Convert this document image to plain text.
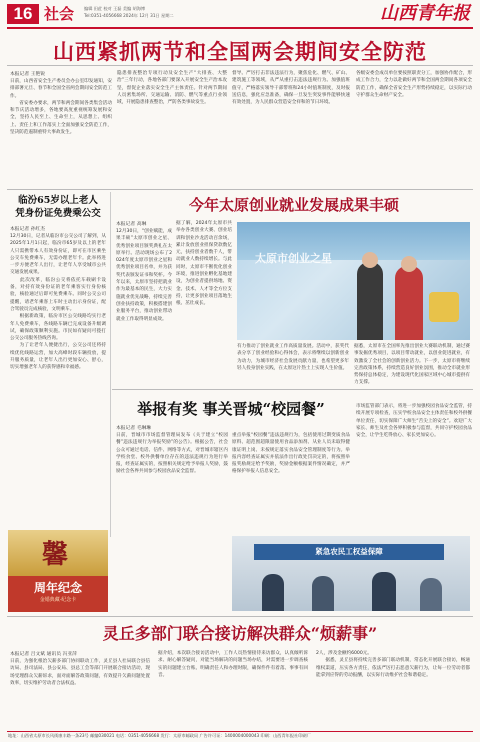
16 社会 编辑 田荭 校对 王磊 美编 胡海博
Tel:0351-4056668 2024年 12月 31日 星期二	山西青年报
山西紧抓两节和全国两会期间安全防范
本报记者 王艳锐
日前，山西省安全生产委员会办公室印发通知，安排部署元旦、春节和全国全省两会期间安全防范工作。
　　省安委办要求，两节和两会期间各类集会活动和节庆活动增多，各地要高度重视统筹发展和安全，坚持人民至上、生命至上，从思想上、组织上、责任上和工作落实上全面加强安全防范工作，坚决防范遏制重特大事故发生。
隐患排查整治专项行动及安全生产“大排查、大整治”三年行动，各地各部门要深入开展安全生产治本攻坚，督促企业落实安全生产主体责任。针对两节期间人员密集场所、交通运输、消防、燃气等重点行业领域，开展隐患排查整治，严防各类事故发生。
督导。严厉打击非法违法行为，聚焦危化、燃气、矿山、建筑施工等领域，从严从重打击违法违规行为。加强值班值守，严格落实领导干部带班和24小时值班制度，及时报送信息，强化应急准备，确保一旦发生突发事件能够快速有效处置，为人民群众营造安全祥和的节日环境。
各级安委会成员单位要按照职责分工，加强协作配合，形成工作合力，全力以赴做好两节和全国两会期间各项安全防范工作，确保全省安全生产形势持续稳定，以实际行动守护群众生命财产安全。
临汾65岁以上老人
凭身份证免费乘公交
本报记者 孙红杰
12月30日，记者从临汾市公交公司了解到，从2025年1月1日起，临汾市65岁及以上的老年人只需携带本人有效身份证，即可在市区乘坐公交车免费乘车，无需办理老年卡。此举将进一步方便老年人出行，让老年人享受城市公共交通发展成果。
　　此次改革，临汾公交将依托车载刷卡设备，对持有效身份证的老年乘客实行身份核验，核验通过后即可免费乘车。同时公交公司提醒，请老年乘客上车时主动出示身份证，配合驾驶员完成核验，文明乘车。
　　根据新政策，临汾市区公交线路均实行老年人免费乘车，各线路车辆已完成设备升级调试，确保政策顺利实施。市民如有疑问可拨打公交公司服务热线咨询。
　　为了让老年人便捷出行，公交公司还将持续优化线路运营，加大高峰时段车辆投放，提升服务质量，让老年人出行更加安心、舒心，切实增强老年人的获得感和幸福感。
今年太原创业就业发展成果丰硕
本报记者 高琳
12月30日，“创业赋能，成果丰硕”太原市创业之星、优秀创业项目颁奖典礼在太原举行。活动现场公布了2024年度太原市创业之星和优秀创业项目名单，并为获奖代表颁发证书和奖杯。今年以来，太原市坚持把就业作为最基本的民生，大力实施就业优先战略，持续完善创业扶持政策，积极搭建创业服务平台，推动创业带动就业工作取得明显成效。
据了解，2024年太原市共举办各类创业大赛、创业培训和创业沙龙活动百余场，累计发放创业担保贷款数亿元，扶持创业者数千人，带动就业人数持续增长。与此同时，太原市不断优化创业环境，推进创业孵化基地建设，为创业者提供场地、资金、技术、人才等全方位支持，让更多创业项目落地生根、茁壮成长。
太原市创业之星
有力推动了创业就业工作高质量发展。活动中，获奖代表分享了创业经验和心得体会，表示将继续以创新创业为动力，为城市经济社会发展贡献力量，也希望更多年轻人投身创业实践，在太原这片热土上实现人生价值。
据悉，太原市在全国率先推出创业大赛联动机制，通过赛事发掘优秀项目，以项目带动就业，以创业促进就业，有效激发了全社会的创新创业活力。下一步，太原市将继续完善政策体系，持续营造良好创业氛围，推动全市就业形势保持总体稳定，为建设现代化国家区域中心城市提供有力支撑。
举报有奖 事关晋城“校园餐”
本报记者 毛琳琳
日前，晋城市市场监督管理局发布《关于建立“校园餐”违法违规行为举报奖励”的公告》。根据公告，社会公众可通过电话、信件、网络等方式，对晋城市辖区内学校食堂、校外供餐单位存在的违法违规行为进行举报，经查证属实的，按照相关规定给予举报人奖励，鼓励社会各界共同参与校园食品安全监督。
重点举报“校园餐”违法违规行为，包括使用过期变质食品原料、超范围超限量使用食品添加剂、从业人员未取得健康证明上岗、未按规定落实食品安全管理制度等行为。举报内容经查证属实并依法作出行政处罚决定的，将按照举报奖励规定给予奖励，奖励金额根据案件情况确定，并严格保护举报人信息安全。
市场监管部门表示，将进一步加强校园食品安全监管，持续开展专项检查，压实学校食品安全主体责任和校外供餐单位责任，切实保障广大师生“舌尖上的安全”。欢迎广大家长、师生及社会各界积极参与监督，共同守护校园食品安全，让学生吃得放心、家长更加安心。
馨
周年纪念
金婚典藏·纪念卡
紧急农民工权益保障
灵丘多部门联合接访解决群众“烦薪事”
本报记者 吕文斌 通讯员 冯亚萍
日前，为强化根治欠薪多部门协同联动工作，灵丘县人社局联合县信访局、县司法局、县公安局、县总工会等部门开展联合接访活动，现场受理群众欠薪诉求，面对面解答政策问题，有效提升欠薪问题处置效率，切实维护劳动者合法权益。
据介绍，本次联合接访活动中，工作人员热情接待来访群众，认真倾听诉求、耐心解答疑问，对能当场解决的问题当场办结，对需要进一步调查核实的问题建立台账、明确责任人和办理时限，确保件件有着落、事事有回音。
2人，涉及金额约6000元。
　　据悉，灵丘县将持续完善多部门联动机制，常态化开展联合接访，畅通维权渠道，压实各方责任，依法严厉打击恶意欠薪行为，让每一位劳动者都能拿到应得的劳动报酬，以实际行动维护社会和谐稳定。
地址：山西省太原市长风街康丰路一条23号 邮编030021 电话：0351-4056668 发行：太原市邮政局 广告许可证：1400004000043 印刷：山西青年报社印刷厂
